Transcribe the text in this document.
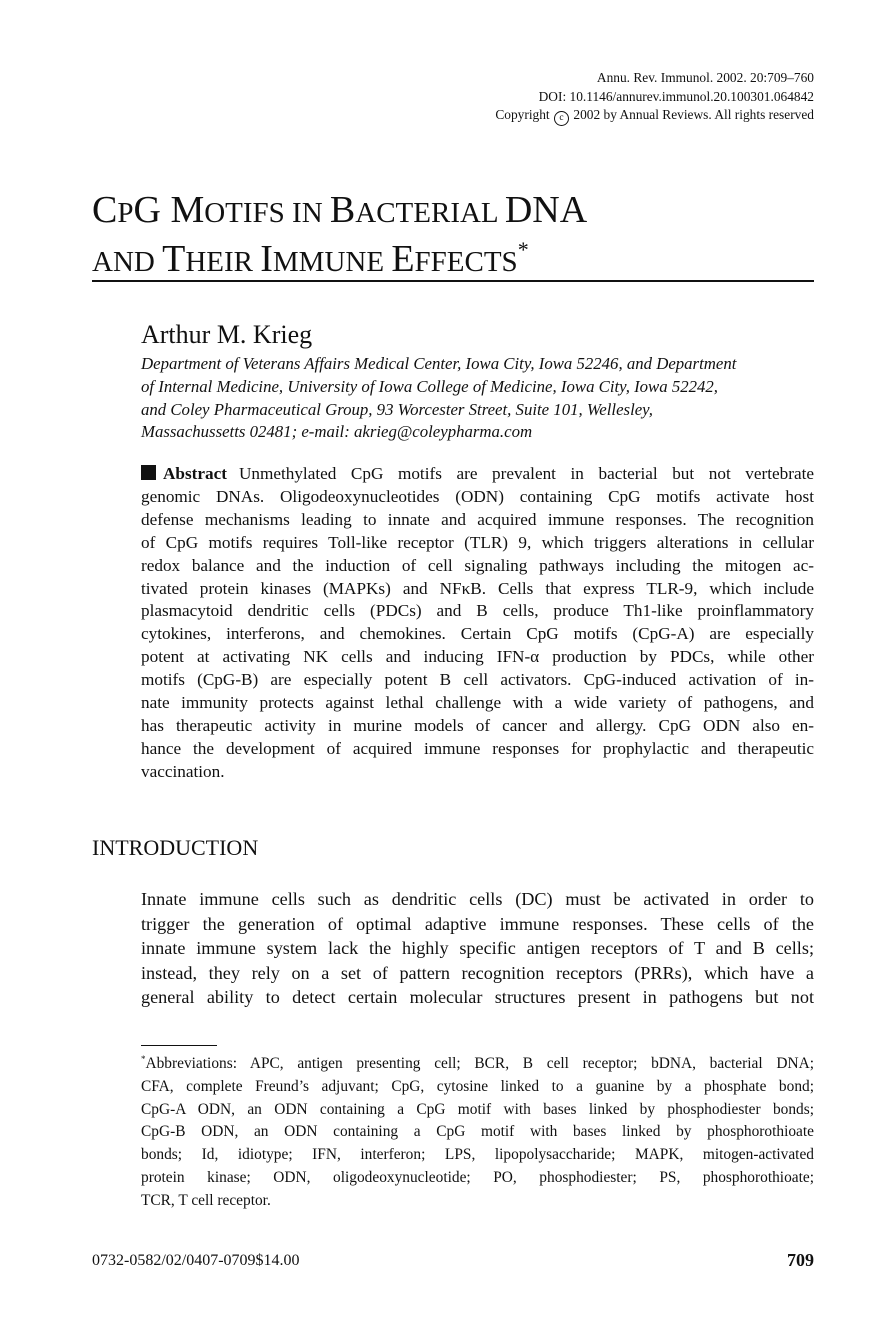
Annu. Rev. Immunol. 2002. 20:709–760
DOI: 10.1146/annurev.immunol.20.100301.064842
Copyright c 2002 by Annual Reviews. All rights reserved
CPG MOTIFS IN BACTERIAL DNA
AND THEIR IMMUNE EFFECTS*
Arthur M. Krieg
Department of Veterans Affairs Medical Center, Iowa City, Iowa 52246, and Department
of Internal Medicine, University of Iowa College of Medicine, Iowa City, Iowa 52242,
and Coley Pharmaceutical Group, 93 Worcester Street, Suite 101, Wellesley,
Massachussetts 02481; e-mail: akrieg@coleypharma.com
Abstract Unmethylated CpG motifs are prevalent in bacterial but not vertebrate
genomic DNAs. Oligodeoxynucleotides (ODN) containing CpG motifs activate host
defense mechanisms leading to innate and acquired immune responses. The recognition
of CpG motifs requires Toll-like receptor (TLR) 9, which triggers alterations in cellular
redox balance and the induction of cell signaling pathways including the mitogen ac-
tivated protein kinases (MAPKs) and NFκB. Cells that express TLR-9, which include
plasmacytoid dendritic cells (PDCs) and B cells, produce Th1-like proinflammatory
cytokines, interferons, and chemokines. Certain CpG motifs (CpG-A) are especially
potent at activating NK cells and inducing IFN-α production by PDCs, while other
motifs (CpG-B) are especially potent B cell activators. CpG-induced activation of in-
nate immunity protects against lethal challenge with a wide variety of pathogens, and
has therapeutic activity in murine models of cancer and allergy. CpG ODN also en-
hance the development of acquired immune responses for prophylactic and therapeutic
vaccination.
INTRODUCTION
Innate immune cells such as dendritic cells (DC) must be activated in order to
trigger the generation of optimal adaptive immune responses. These cells of the
innate immune system lack the highly specific antigen receptors of T and B cells;
instead, they rely on a set of pattern recognition receptors (PRRs), which have a
general ability to detect certain molecular structures present in pathogens but not
*Abbreviations: APC, antigen presenting cell; BCR, B cell receptor; bDNA, bacterial DNA;
CFA, complete Freund’s adjuvant; CpG, cytosine linked to a guanine by a phosphate bond;
CpG-A ODN, an ODN containing a CpG motif with bases linked by phosphodiester bonds;
CpG-B ODN, an ODN containing a CpG motif with bases linked by phosphorothioate
bonds; Id, idiotype; IFN, interferon; LPS, lipopolysaccharide; MAPK, mitogen-activated
protein kinase; ODN, oligodeoxynucleotide; PO, phosphodiester; PS, phosphorothioate;
TCR, T cell receptor.
0732-0582/02/0407-0709$14.00	709
